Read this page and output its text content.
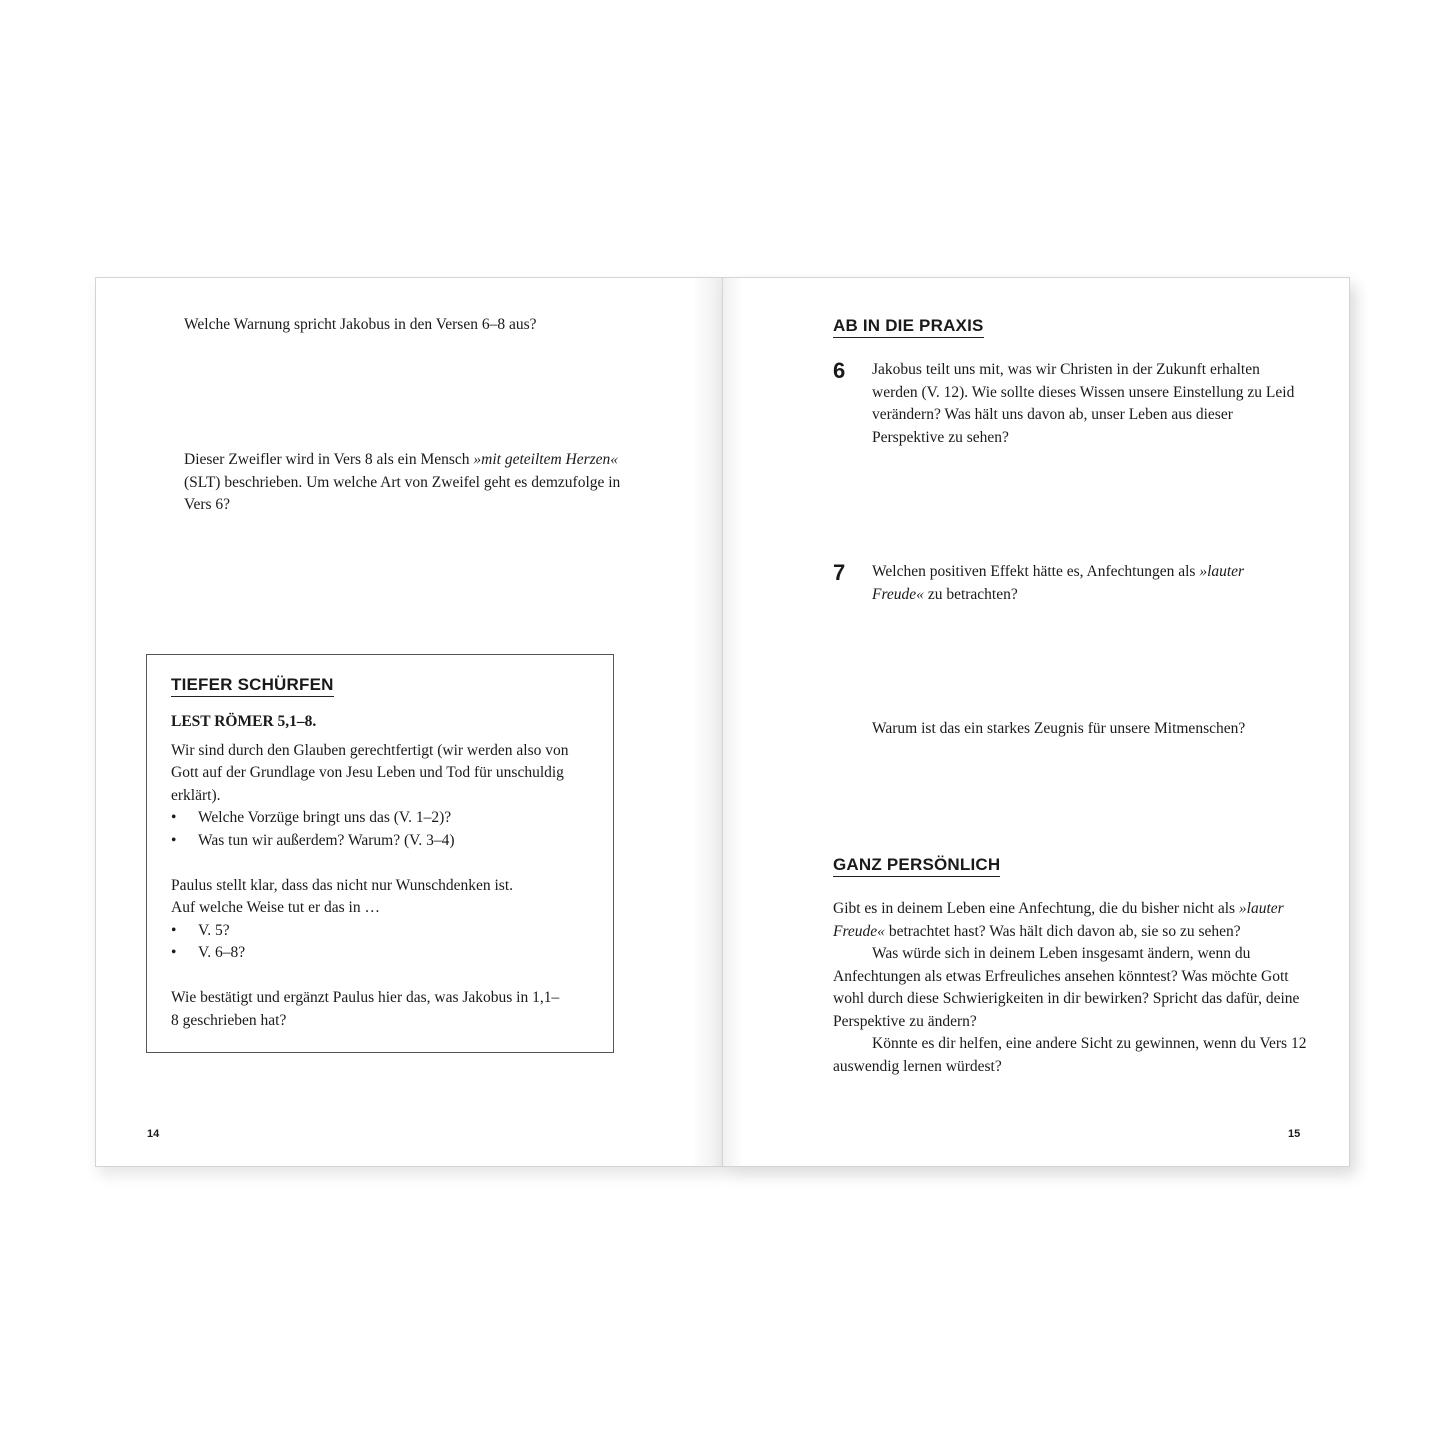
Welche Warnung spricht Jakobus in den Versen 6–8 aus?
Dieser Zweifler wird in Vers 8 als ein Mensch »mit geteiltem Herzen« (SLT) beschrieben. Um welche Art von Zweifel geht es demzufolge in Vers 6?
TIEFER SCHÜRFEN
LEST RÖMER 5,1–8.
Wir sind durch den Glauben gerechtfertigt (wir werden also von Gott auf der Grundlage von Jesu Leben und Tod für unschuldig erklärt).
•	Welche Vorzüge bringt uns das (V. 1–2)?
•	Was tun wir außerdem? Warum? (V. 3–4)
Paulus stellt klar, dass das nicht nur Wunschdenken ist.
Auf welche Weise tut er das in …
•	V. 5?
•	V. 6–8?
Wie bestätigt und ergänzt Paulus hier das, was Jakobus in 1,1–8 geschrieben hat?
14
AB IN DIE PRAXIS
6 Jakobus teilt uns mit, was wir Christen in der Zukunft erhalten werden (V. 12). Wie sollte dieses Wissen unsere Einstellung zu Leid verändern? Was hält uns davon ab, unser Leben aus dieser Perspektive zu sehen?
7 Welchen positiven Effekt hätte es, Anfechtungen als »lauter Freude« zu betrachten?
Warum ist das ein starkes Zeugnis für unsere Mitmenschen?
GANZ PERSÖNLICH
Gibt es in deinem Leben eine Anfechtung, die du bisher nicht als »lauter Freude« betrachtet hast? Was hält dich davon ab, sie so zu sehen?
Was würde sich in deinem Leben insgesamt ändern, wenn du Anfechtungen als etwas Erfreuliches ansehen könntest? Was möchte Gott wohl durch diese Schwierigkeiten in dir bewirken? Spricht das dafür, deine Perspektive zu ändern?
Könnte es dir helfen, eine andere Sicht zu gewinnen, wenn du Vers 12 auswendig lernen würdest?
15
